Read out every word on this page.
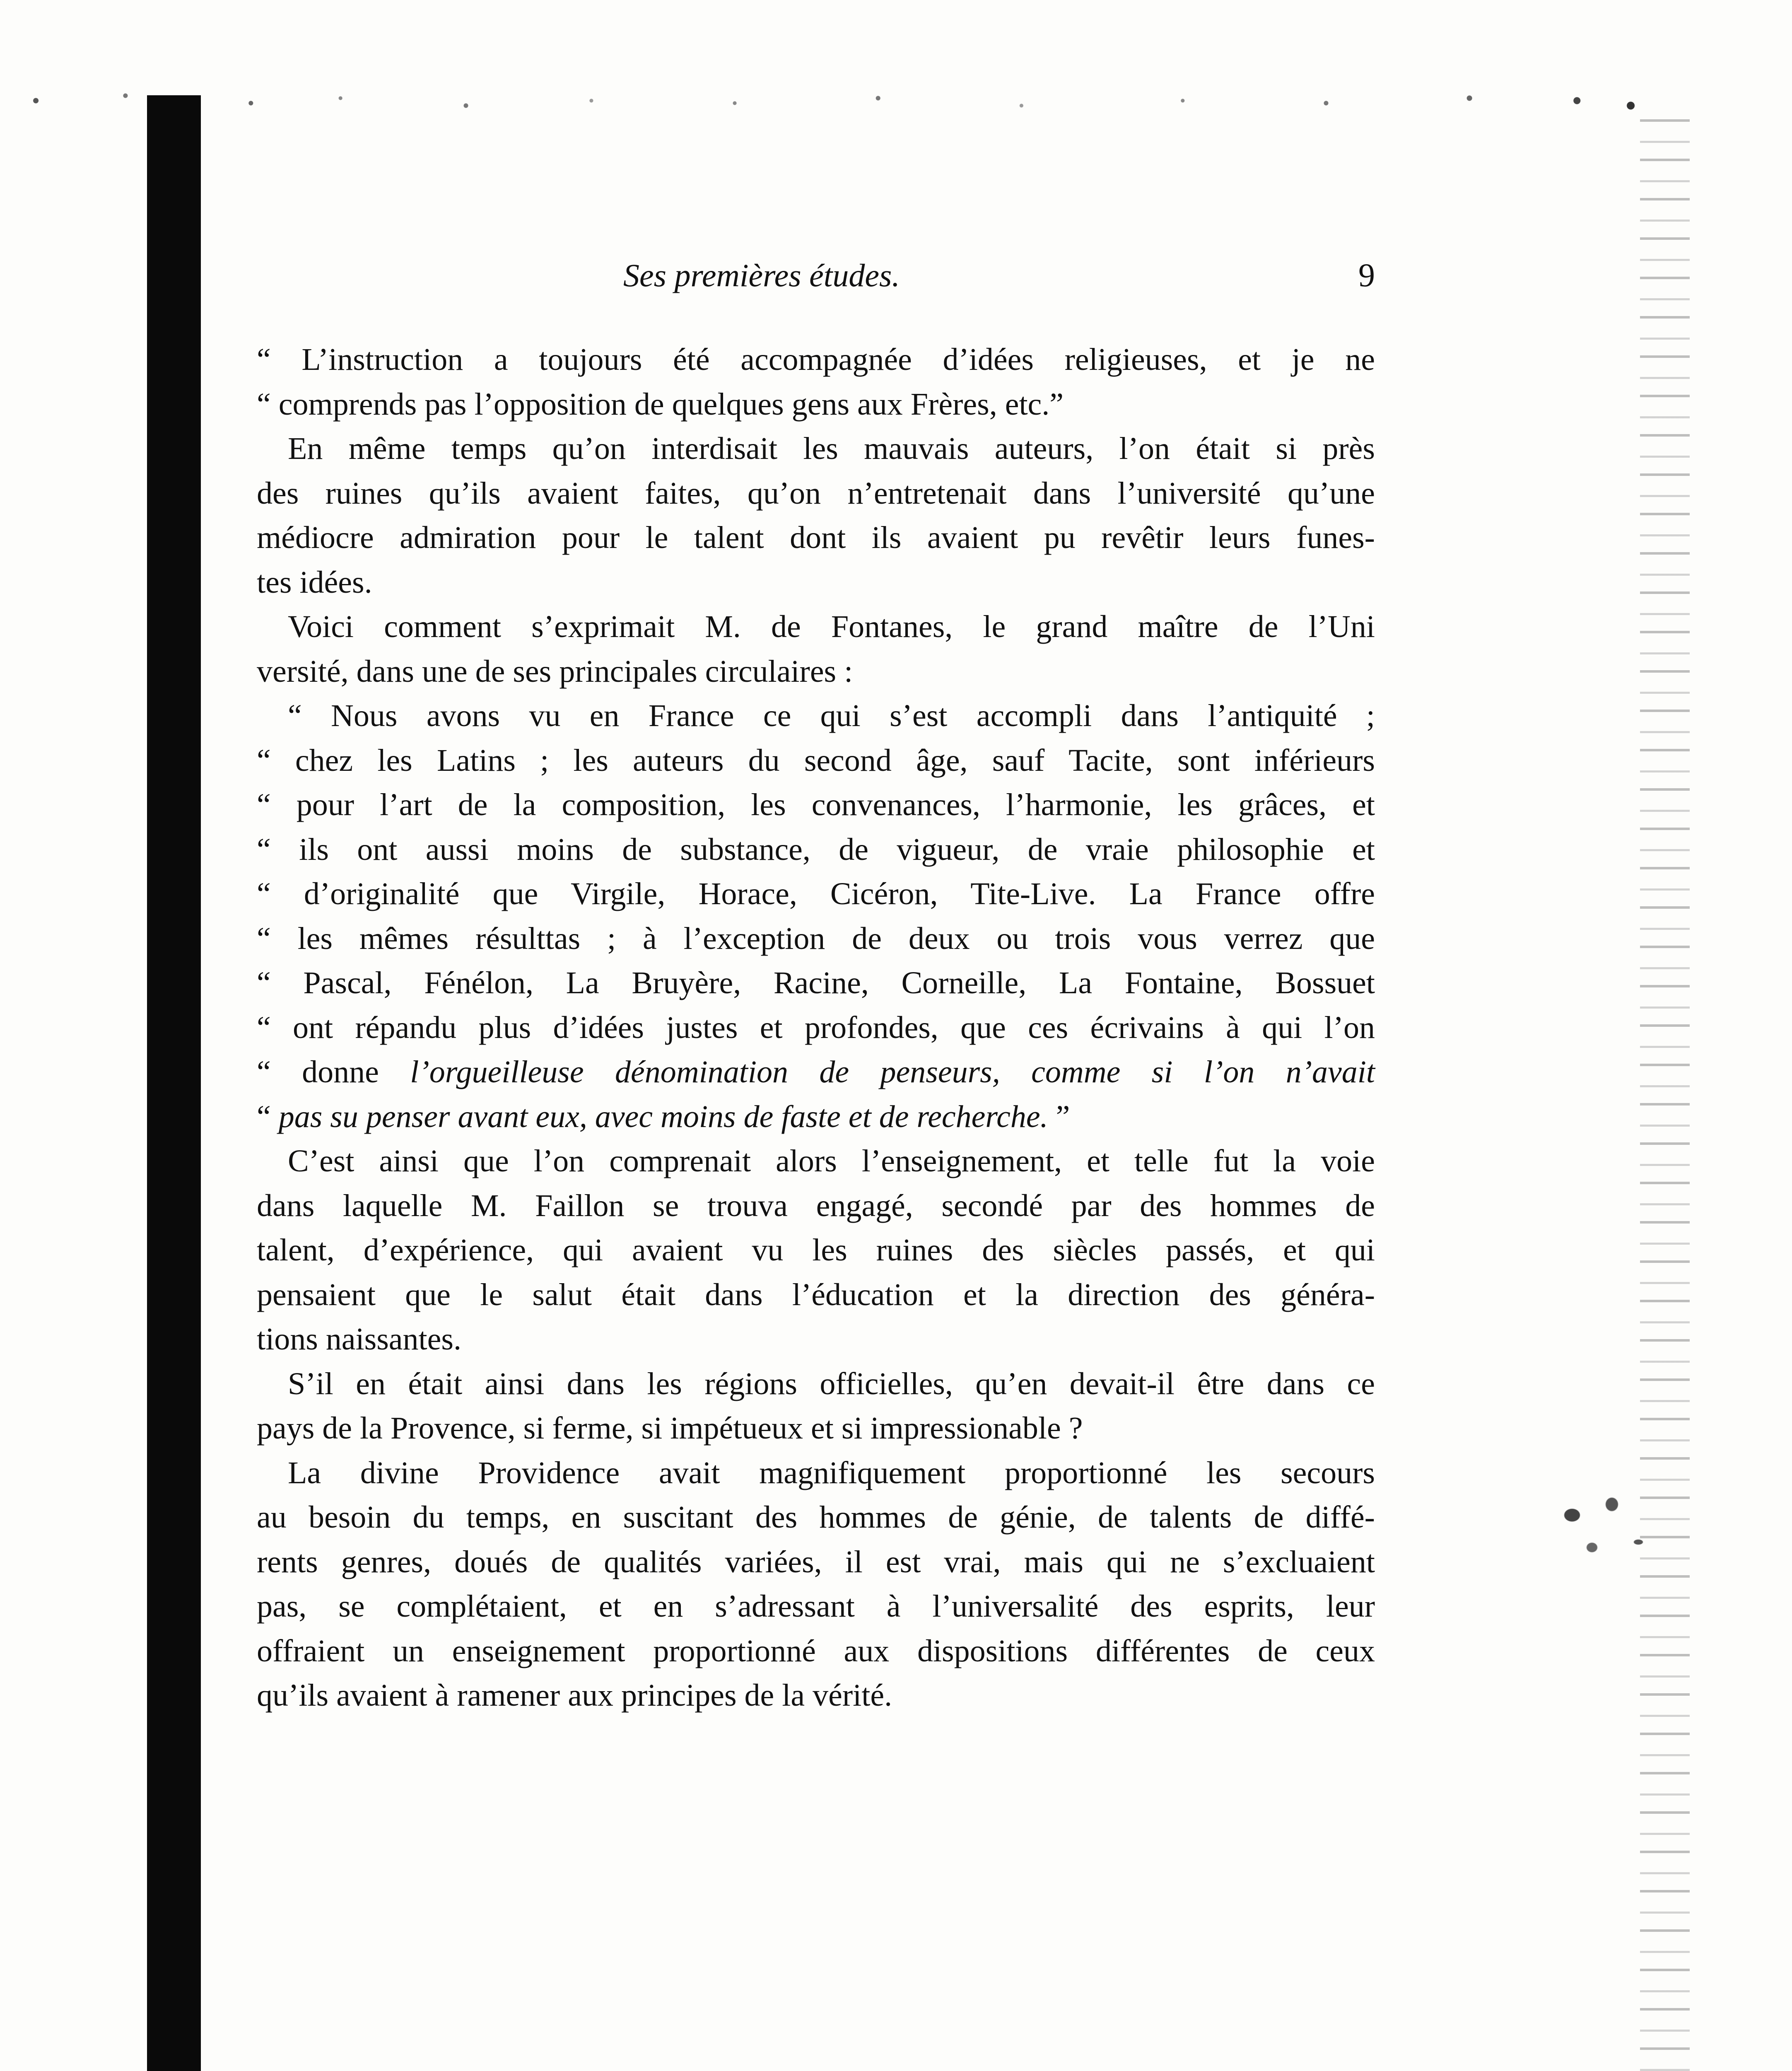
Ses premières études.	9
“ L’instruction a toujours été accompagnée d’idées religieuses, et je ne
“ comprends pas l’opposition de quelques gens aux Frères, etc.”
En même temps qu’on interdisait les mauvais auteurs, l’on était si près
des ruines qu’ils avaient faites, qu’on n’entretenait dans l’université qu’une
médiocre admiration pour le talent dont ils avaient pu revêtir leurs funes-
tes idées.
Voici comment s’exprimait M. de Fontanes, le grand maître de l’Uni
versité, dans une de ses principales circulaires :
“ Nous avons vu en France ce qui s’est accompli dans l’antiquité ;
“ chez les Latins ; les auteurs du second âge, sauf Tacite, sont inférieurs
“ pour l’art de la composition, les convenances, l’harmonie, les grâces, et
“ ils ont aussi moins de substance, de vigueur, de vraie philosophie et
“ d’originalité que Virgile, Horace, Cicéron, Tite-Live. La France offre
“ les mêmes résulttas ; à l’exception de deux ou trois vous verrez que
“ Pascal, Fénélon, La Bruyère, Racine, Corneille, La Fontaine, Bossuet
“ ont répandu plus d’idées justes et profondes, que ces écrivains à qui l’on
“ donne l’orgueilleuse dénomination de penseurs, comme si l’on n’avait
“ pas su penser avant eux, avec moins de faste et de recherche. ”
C’est ainsi que l’on comprenait alors l’enseignement, et telle fut la voie
dans laquelle M. Faillon se trouva engagé, secondé par des hommes de
talent, d’expérience, qui avaient vu les ruines des siècles passés, et qui
pensaient que le salut était dans l’éducation et la direction des généra-
tions naissantes.
S’il en était ainsi dans les régions officielles, qu’en devait-il être dans ce
pays de la Provence, si ferme, si impétueux et si impressionable ?
La divine Providence avait magnifiquement proportionné les secours
au besoin du temps, en suscitant des hommes de génie, de talents de diffé-
rents genres, doués de qualités variées, il est vrai, mais qui ne s’excluaient
pas, se complétaient, et en s’adressant à l’universalité des esprits, leur
offraient un enseignement proportionné aux dispositions différentes de ceux
qu’ils avaient à ramener aux principes de la vérité.
